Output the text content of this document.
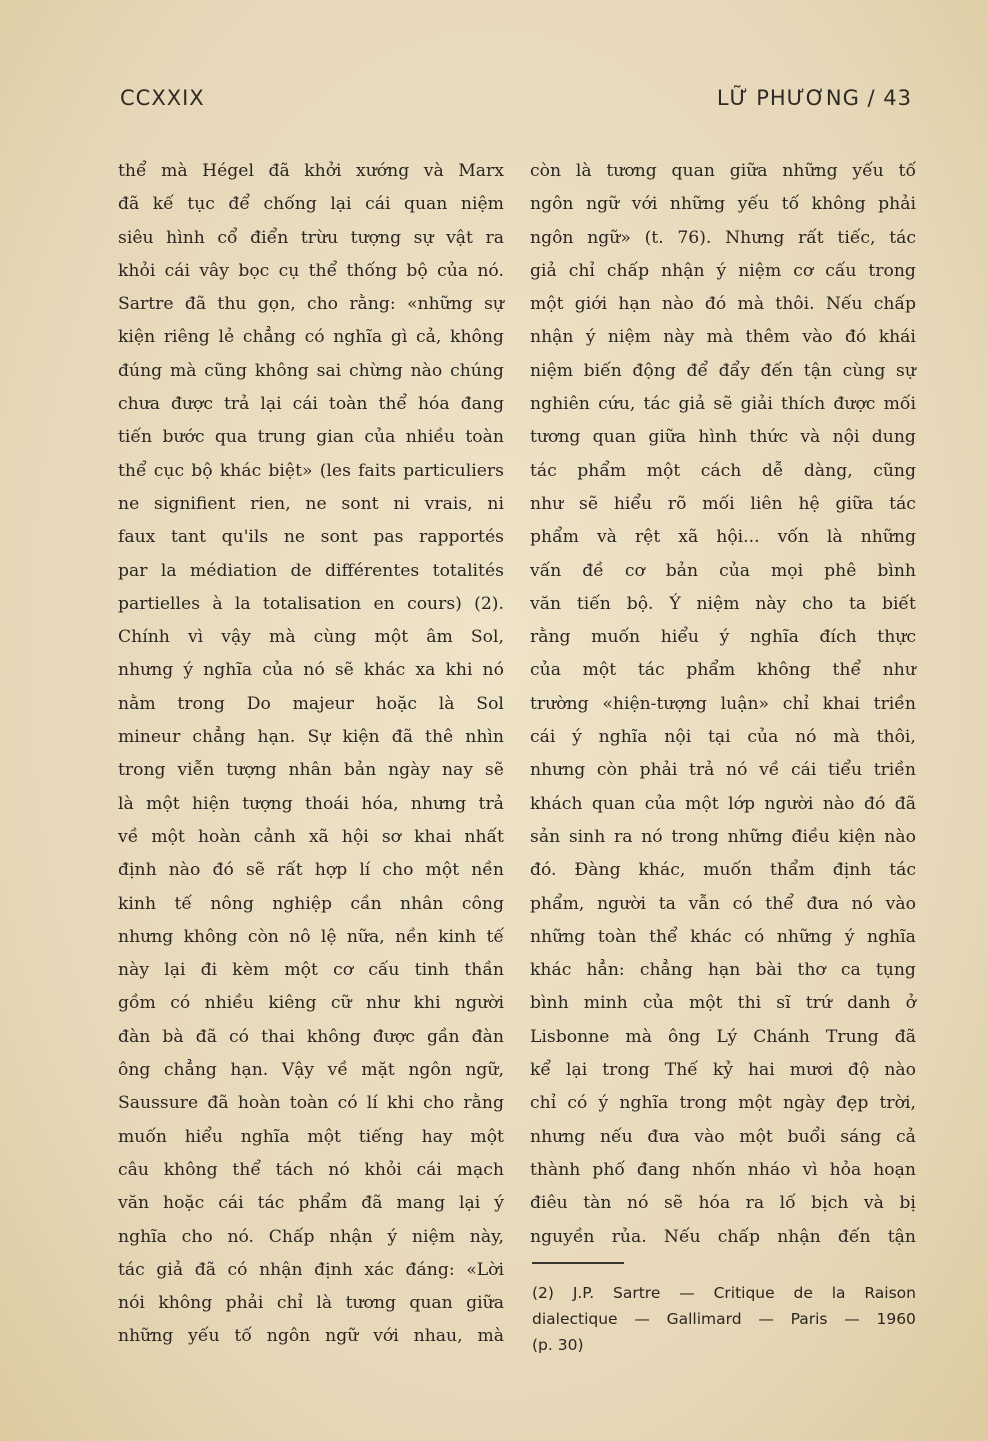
CCXXIX	LỮ PHƯƠNG / 43
thể mà Hégel đã khởi xướng và Marx
đã kế tục để chống lại cái quan niệm
siêu hình cổ điển trừu tượng sự vật ra
khỏi cái vây bọc cụ thể thống bộ của nó.
Sartre đã thu gọn, cho rằng: «những sự
kiện riêng lẻ chẳng có nghĩa gì cả, không
đúng mà cũng không sai chừng nào chúng
chưa được trả lại cái toàn thể hóa đang
tiến bước qua trung gian của nhiều toàn
thể cục bộ khác biệt» (les faits particuliers
ne signifient rien, ne sont ni vrais, ni
faux tant qu'ils ne sont pas rapportés
par la médiation de différentes totalités
partielles à la totalisation en cours) (2).
Chính vì vậy mà cùng một âm Sol,
nhưng ý nghĩa của nó sẽ khác xa khi nó
nằm trong Do majeur hoặc là Sol
mineur chẳng hạn. Sự kiện đã thê nhìn
trong viễn tượng nhân bản ngày nay sẽ
là một hiện tượng thoái hóa, nhưng trả
về một hoàn cảnh xã hội sơ khai nhất
định nào đó sẽ rất hợp lí cho một nền
kinh tế nông nghiệp cần nhân công
nhưng không còn nô lệ nữa, nền kinh tế
này lại đi kèm một cơ cấu tinh thần
gồm có nhiều kiêng cữ như khi người
đàn bà đã có thai không được gần đàn
ông chẳng hạn. Vậy về mặt ngôn ngữ,
Saussure đã hoàn toàn có lí khi cho rằng
muốn hiểu nghĩa một tiếng hay một
câu không thể tách nó khỏi cái mạch
văn hoặc cái tác phẩm đã mang lại ý
nghĩa cho nó. Chấp nhận ý niệm này,
tác giả đã có nhận định xác đáng: «Lời
nói không phải chỉ là tương quan giữa
những yếu tố ngôn ngữ với nhau, mà
còn là tương quan giữa những yếu tố
ngôn ngữ với những yếu tố không phải
ngôn ngữ» (t. 76). Nhưng rất tiếc, tác
giả chỉ chấp nhận ý niệm cơ cấu trong
một giới hạn nào đó mà thôi. Nếu chấp
nhận ý niệm này mà thêm vào đó khái
niệm biến động để đẩy đến tận cùng sự
nghiên cứu, tác giả sẽ giải thích được mối
tương quan giữa hình thức và nội dung
tác phẩm một cách dễ dàng, cũng
như sẽ hiểu rõ mối liên hệ giữa tác
phẩm và rệt xã hội... vốn là những
vấn đề cơ bản của mọi phê bình
văn tiến bộ. Ý niệm này cho ta biết
rằng muốn hiểu ý nghĩa đích thực
của một tác phẩm không thể như
trường «hiện-tượng luận» chỉ khai triền
cái ý nghĩa nội tại của nó mà thôi,
nhưng còn phải trả nó về cái tiểu triền
khách quan của một lớp người nào đó đã
sản sinh ra nó trong những điều kiện nào
đó. Đàng khác, muốn thẩm định tác
phẩm, người ta vẫn có thể đưa nó vào
những toàn thể khác có những ý nghĩa
khác hẳn: chẳng hạn bài thơ ca tụng
bình minh của một thi sĩ trứ danh ở
Lisbonne mà ông Lý Chánh Trung đã
kể lại trong Thế kỷ hai mươi độ nào
chỉ có ý nghĩa trong một ngày đẹp trời,
nhưng nếu đưa vào một buổi sáng cả
thành phố đang nhốn nháo vì hỏa hoạn
điêu tàn nó sẽ hóa ra lố bịch và bị
nguyền rủa. Nếu chấp nhận đến tận
(2) J.P. Sartre — Critique de la Raison
dialectique — Gallimard — Paris — 1960
(p. 30)
